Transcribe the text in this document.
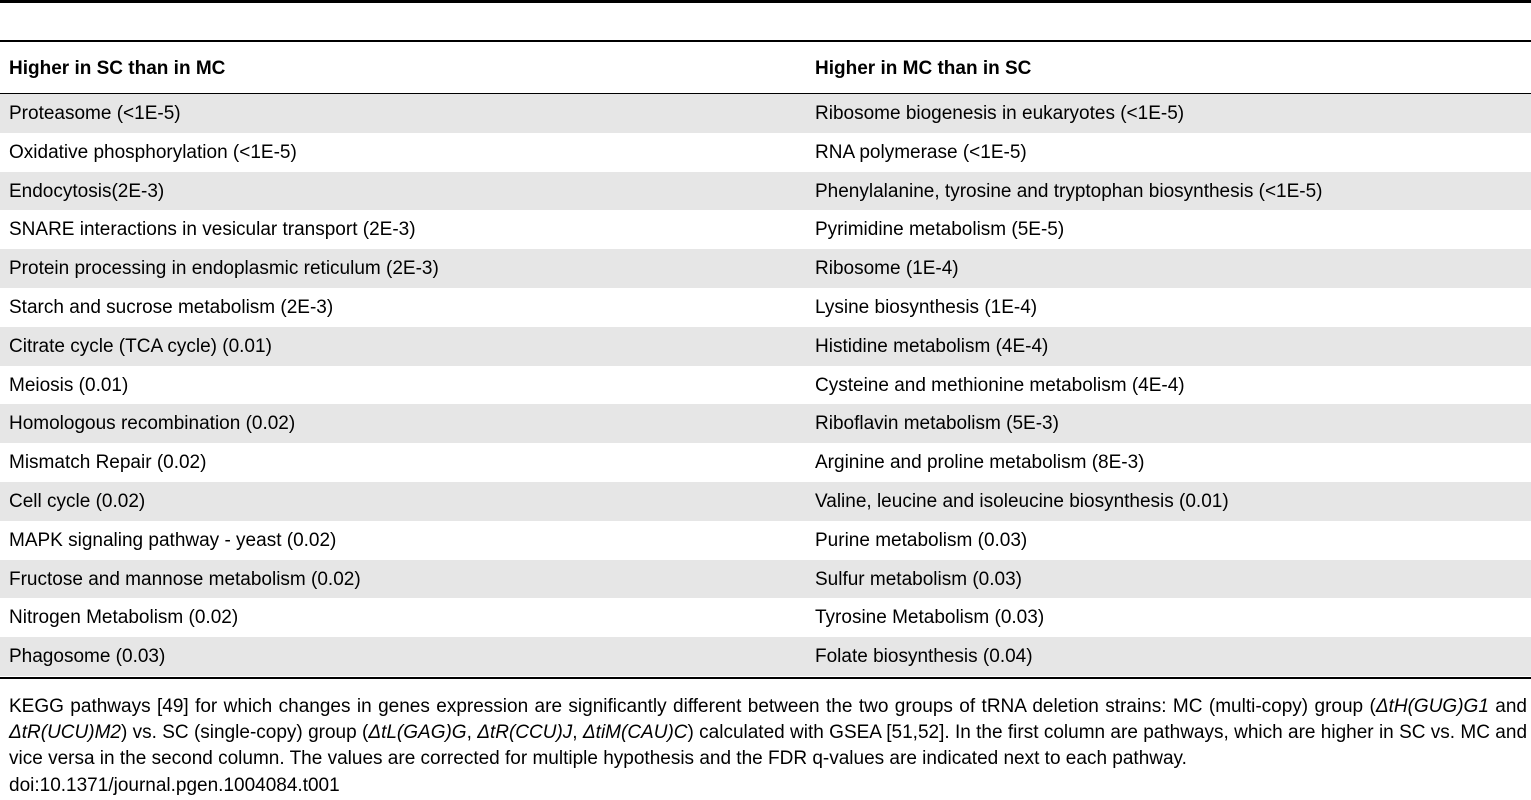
Higher in SC than in MC	Higher in MC than in SC
Proteasome (<1E-5)	Ribosome biogenesis in eukaryotes (<1E-5)
Oxidative phosphorylation (<1E-5)	RNA polymerase (<1E-5)
Endocytosis(2E-3)	Phenylalanine, tyrosine and tryptophan biosynthesis (<1E-5)
SNARE interactions in vesicular transport (2E-3)	Pyrimidine metabolism (5E-5)
Protein processing in endoplasmic reticulum (2E-3)	Ribosome (1E-4)
Starch and sucrose metabolism (2E-3)	Lysine biosynthesis (1E-4)
Citrate cycle (TCA cycle) (0.01)	Histidine metabolism (4E-4)
Meiosis (0.01)	Cysteine and methionine metabolism (4E-4)
Homologous recombination (0.02)	Riboflavin metabolism (5E-3)
Mismatch Repair (0.02)	Arginine and proline metabolism (8E-3)
Cell cycle (0.02)	Valine, leucine and isoleucine biosynthesis (0.01)
MAPK signaling pathway - yeast (0.02)	Purine metabolism (0.03)
Fructose and mannose metabolism (0.02)	Sulfur metabolism (0.03)
Nitrogen Metabolism (0.02)	Tyrosine Metabolism (0.03)
Phagosome (0.03)	Folate biosynthesis (0.04)
KEGG pathways [49] for which changes in genes expression are significantly different between the two groups of tRNA deletion strains: MC (multi-copy) group (ΔtH(GUG)G1 and ΔtR(UCU)M2) vs. SC (single-copy) group (ΔtL(GAG)G, ΔtR(CCU)J, ΔtiM(CAU)C) calculated with GSEA [51,52]. In the first column are pathways, which are higher in SC vs. MC and vice versa in the second column. The values are corrected for multiple hypothesis and the FDR q-values are indicated next to each pathway.
doi:10.1371/journal.pgen.1004084.t001
